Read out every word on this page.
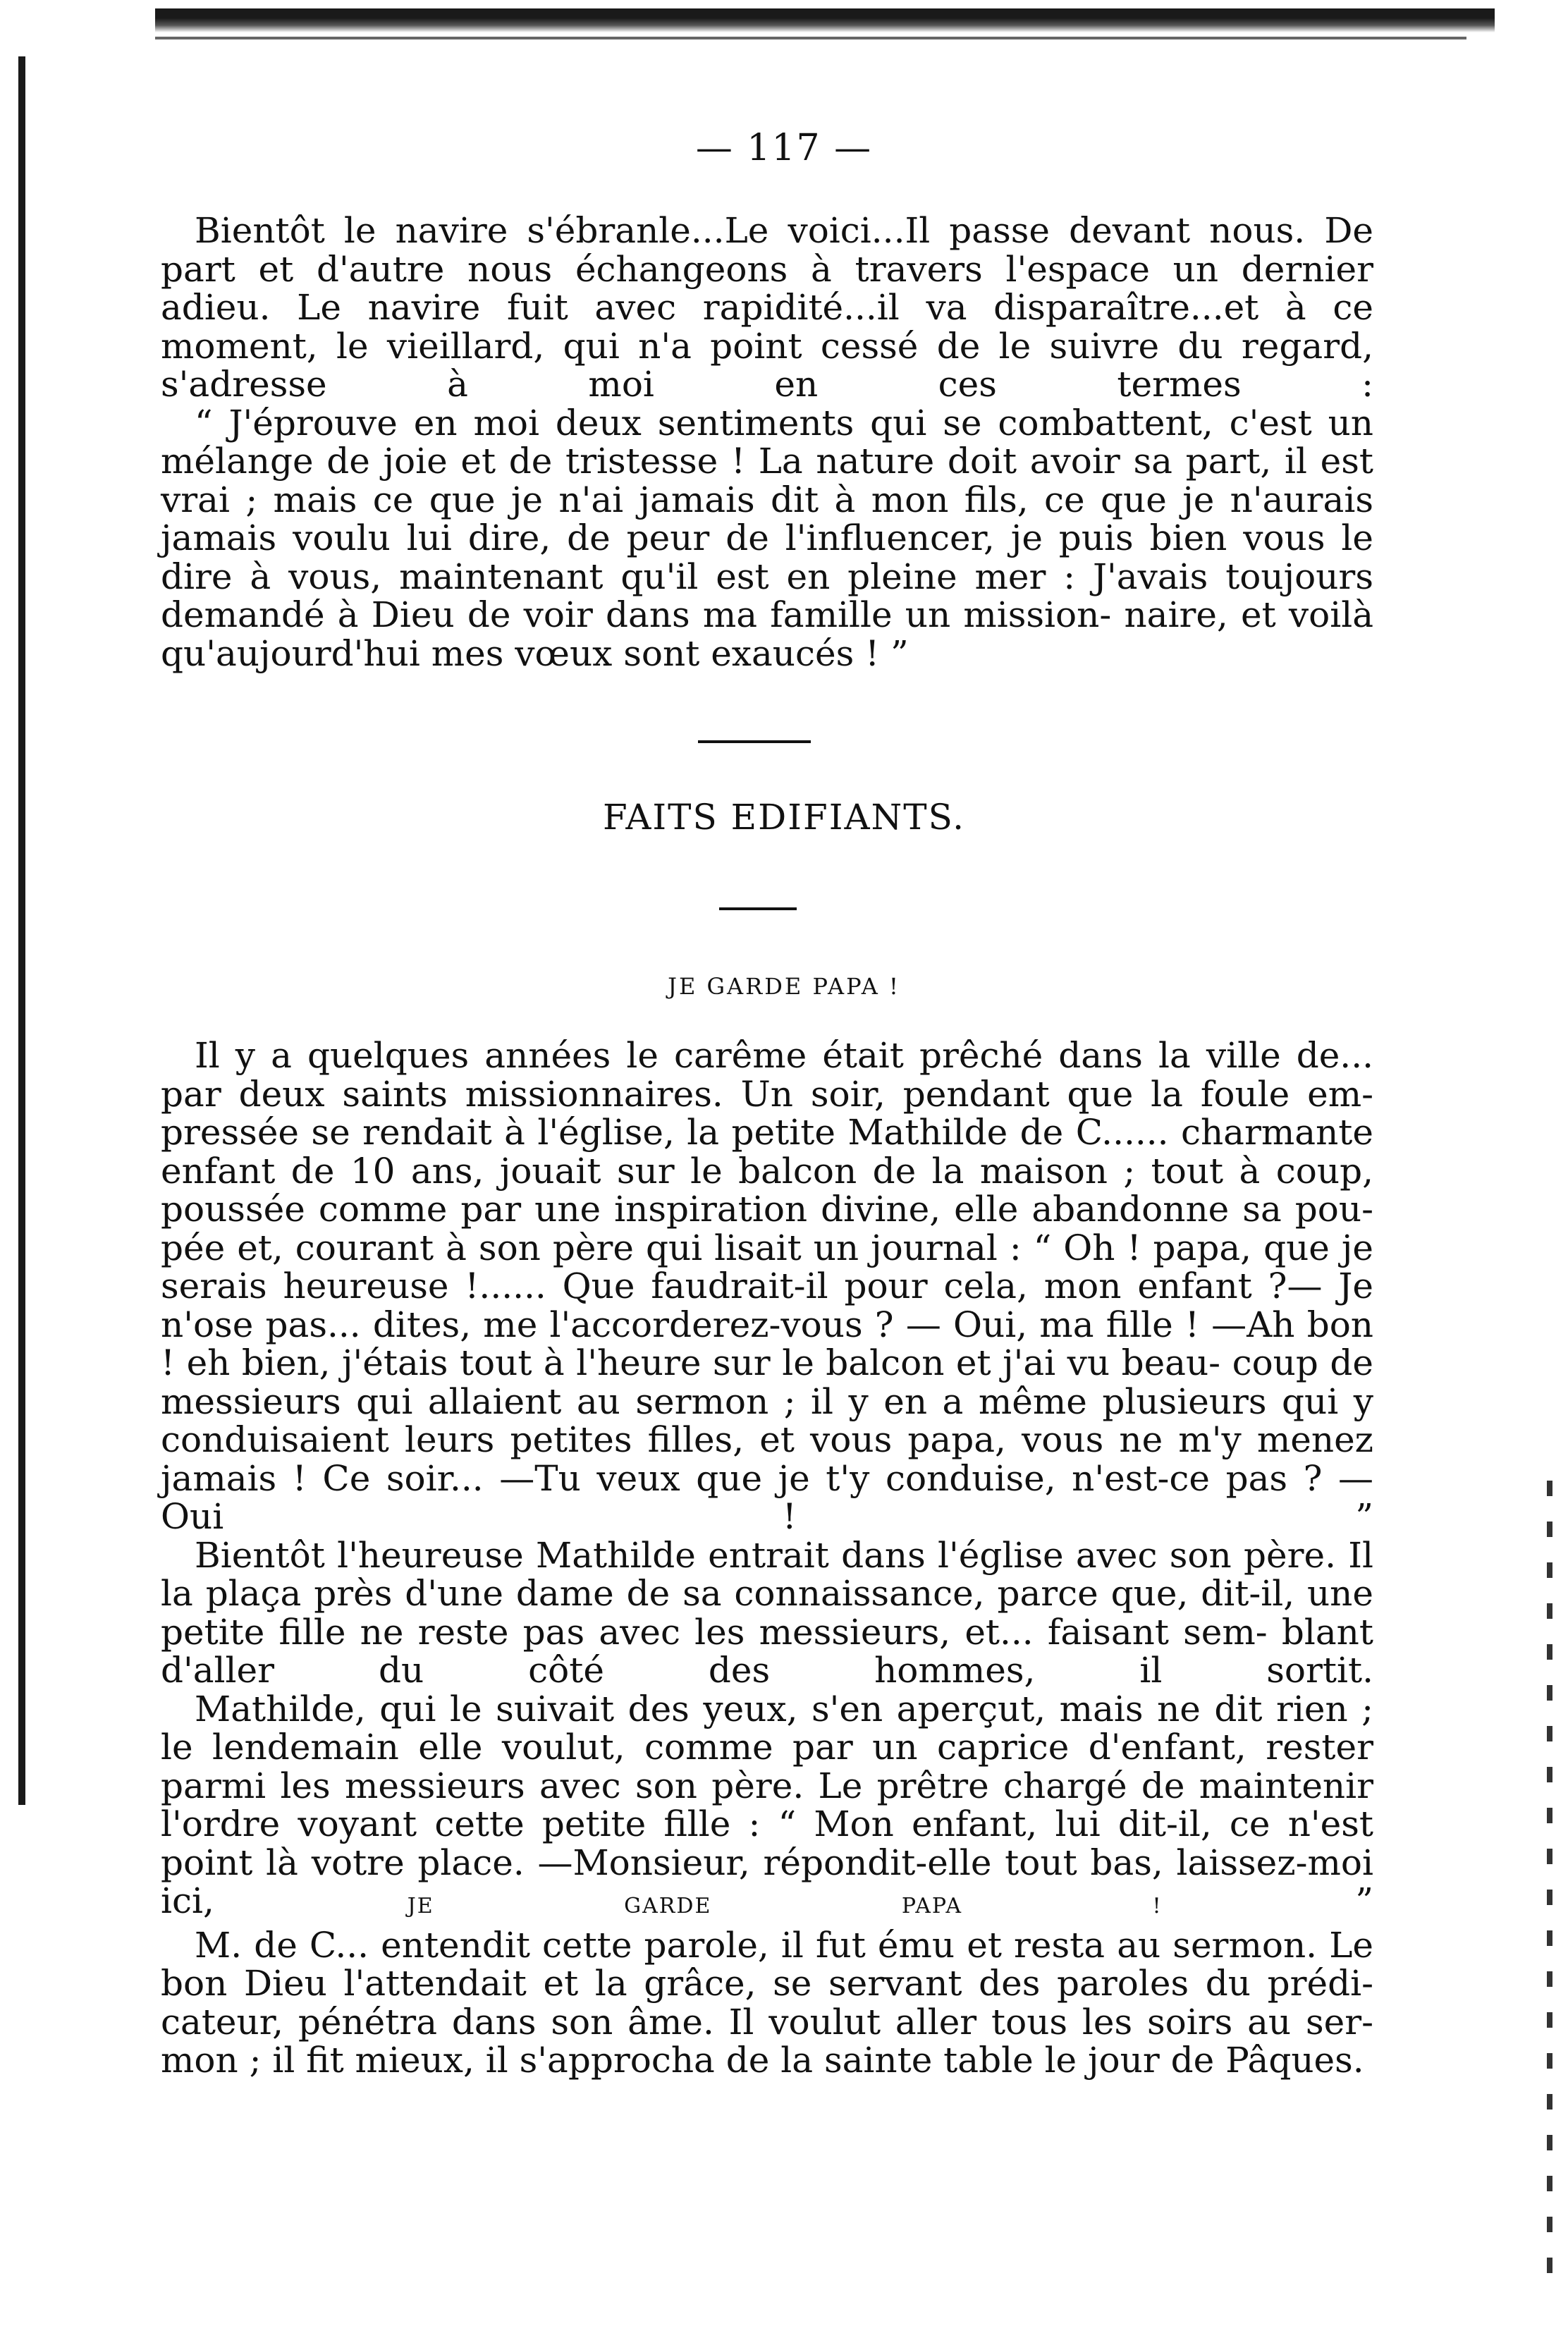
— 117 —

Bientôt le navire s'ébranle...Le voici...Il passe devant nous. De part et d'autre nous échangeons à travers l'espace un dernier adieu. Le navire fuit avec rapidité...il va disparaître...et à ce moment, le vieillard, qui n'a point cessé de le suivre du regard, s'adresse à moi en ces termes :

“ J'éprouve en moi deux sentiments qui se combattent, c'est un mélange de joie et de tristesse ! La nature doit avoir sa part, il est vrai ; mais ce que je n'ai jamais dit à mon fils, ce que je n'aurais jamais voulu lui dire, de peur de l'influencer, je puis bien vous le dire à vous, maintenant qu'il est en pleine mer : J'avais toujours demandé à Dieu de voir dans ma famille un mission- naire, et voilà qu'aujourd'hui mes vœux sont exaucés ! ”

FAITS EDIFIANTS.
JE GARDE PAPA !

Il y a quelques années le carême était prêché dans la ville de... par deux saints missionnaires. Un soir, pendant que la foule em- pressée se rendait à l'église, la petite Mathilde de C...... charmante enfant de 10 ans, jouait sur le balcon de la maison ; tout à coup, poussée comme par une inspiration divine, elle abandonne sa pou- pée et, courant à son père qui lisait un journal : “ Oh ! papa, que je serais heureuse !...... Que faudrait-il pour cela, mon enfant ?— Je n'ose pas... dites, me l'accorderez-vous ? — Oui, ma fille ! —Ah bon ! eh bien, j'étais tout à l'heure sur le balcon et j'ai vu beau- coup de messieurs qui allaient au sermon ; il y en a même plusieurs qui y conduisaient leurs petites filles, et vous papa, vous ne m'y menez jamais ! Ce soir... —Tu veux que je t'y conduise, n'est-ce pas ? —Oui ! ”

Bientôt l'heureuse Mathilde entrait dans l'église avec son père. Il la plaça près d'une dame de sa connaissance, parce que, dit-il, une petite fille ne reste pas avec les messieurs, et... faisant sem- blant d'aller du côté des hommes, il sortit.

Mathilde, qui le suivait des yeux, s'en aperçut, mais ne dit rien ; le lendemain elle voulut, comme par un caprice d'enfant, rester parmi les messieurs avec son père. Le prêtre chargé de maintenir l'ordre voyant cette petite fille : “ Mon enfant, lui dit-il, ce n'est point là votre place. —Monsieur, répondit-elle tout bas, laissez-moi ici,	JE GARDE PAPA ! ”

M. de C... entendit cette parole, il fut ému et resta au sermon. Le bon Dieu l'attendait et la grâce, se servant des paroles du prédi- cateur, pénétra dans son âme. Il voulut aller tous les soirs au ser- mon ; il fit mieux, il s'approcha de la sainte table le jour de Pâques.
